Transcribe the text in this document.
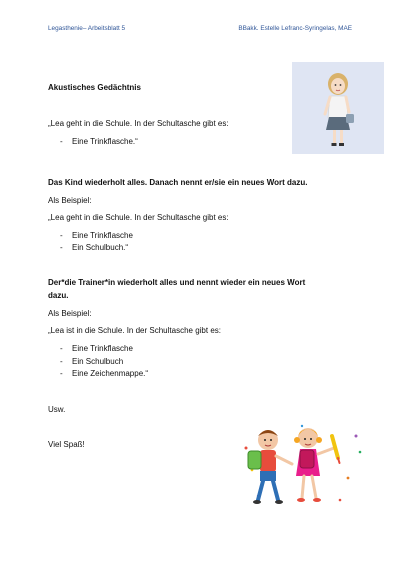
Legasthenie– Arbeitsblatt 5	BBakk. Estelle Lefranc-Syringelas, MAE
Akustisches Gedächtnis
„Lea geht in die Schule. In der Schultasche gibt es:
- Eine Trinkflasche.“
Das Kind wiederholt alles. Danach nennt er/sie ein neues Wort dazu.
Als Beispiel:
„Lea geht in die Schule. In der Schultasche gibt es:
- Eine Trinkflasche
- Ein Schulbuch.“
Der*die Trainer*in wiederholt alles und nennt wieder ein neues Wort
dazu.
Als Beispiel:
„Lea ist in die Schule. In der Schultasche gibt es:
- Eine Trinkflasche
- Ein Schulbuch
- Eine Zeichenmappe.“
Usw.
Viel Spaß!
